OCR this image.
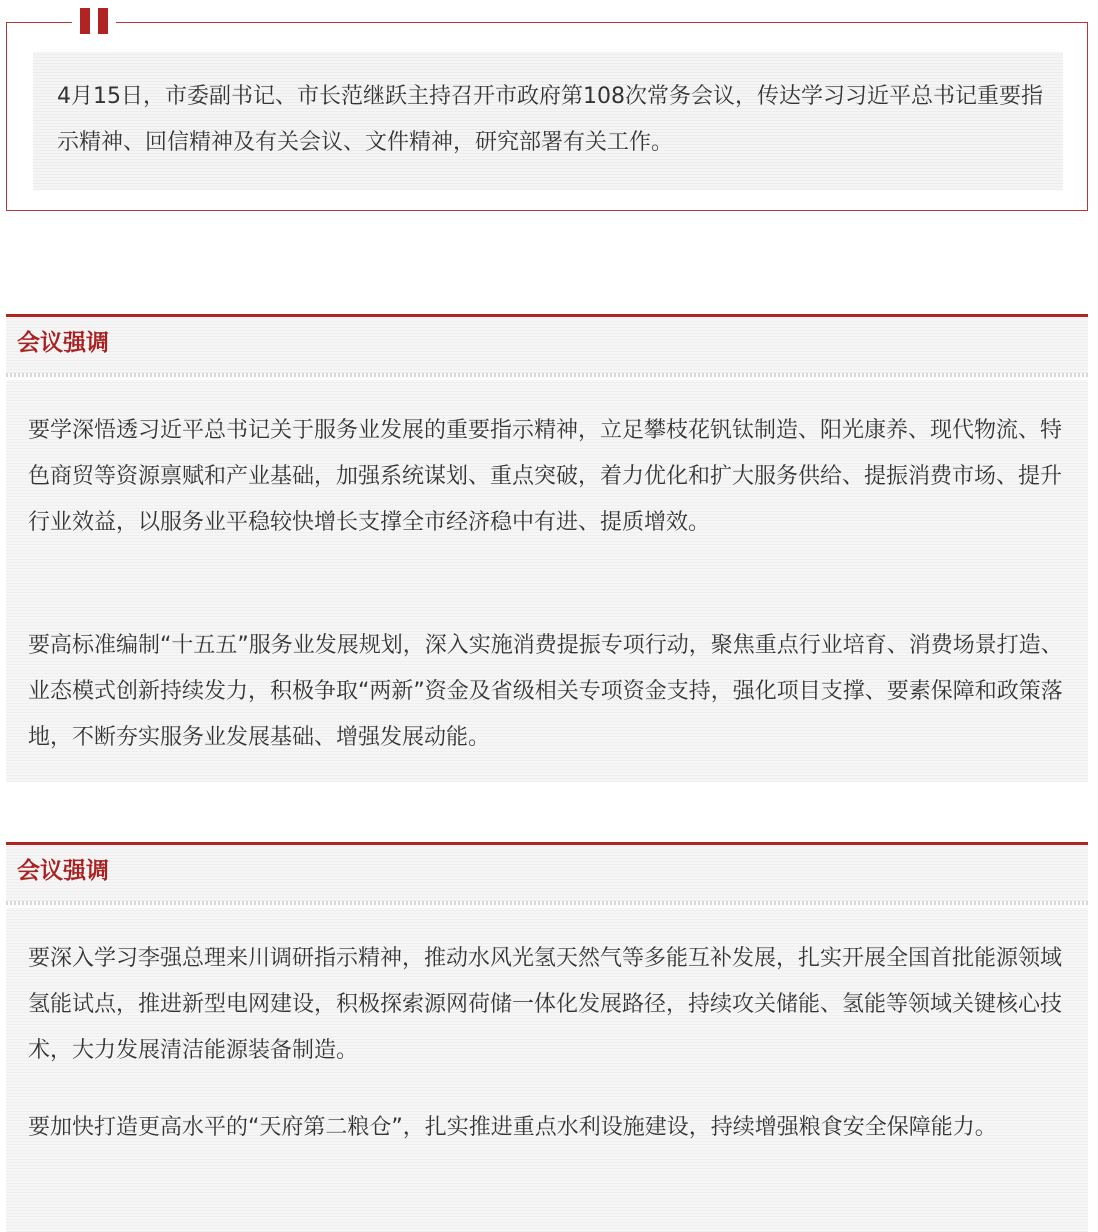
4月15日，市委副书记、市长范继跃主持召开市政府第108次常务会议，传达学习习近平总书记重要指示精神、回信精神及有关会议、文件精神，研究部署有关工作。

会议强调

要学深悟透习近平总书记关于服务业发展的重要指示精神，立足攀枝花钒钛制造、阳光康养、现代物流、特色商贸等资源禀赋和产业基础，加强系统谋划、重点突破，着力优化和扩大服务供给、提振消费市场、提升行业效益，以服务业平稳较快增长支撑全市经济稳中有进、提质增效。

要高标准编制“十五五”服务业发展规划，深入实施消费提振专项行动，聚焦重点行业培育、消费场景打造、业态模式创新持续发力，积极争取“两新”资金及省级相关专项资金支持，强化项目支撑、要素保障和政策落地，不断夯实服务业发展基础、增强发展动能。

会议强调

要深入学习李强总理来川调研指示精神，推动水风光氢天然气等多能互补发展，扎实开展全国首批能源领域氢能试点，推进新型电网建设，积极探索源网荷储一体化发展路径，持续攻关储能、氢能等领域关键核心技术，大力发展清洁能源装备制造。

要加快打造更高水平的“天府第二粮仓”，扎实推进重点水利设施建设，持续增强粮食安全保障能力。
